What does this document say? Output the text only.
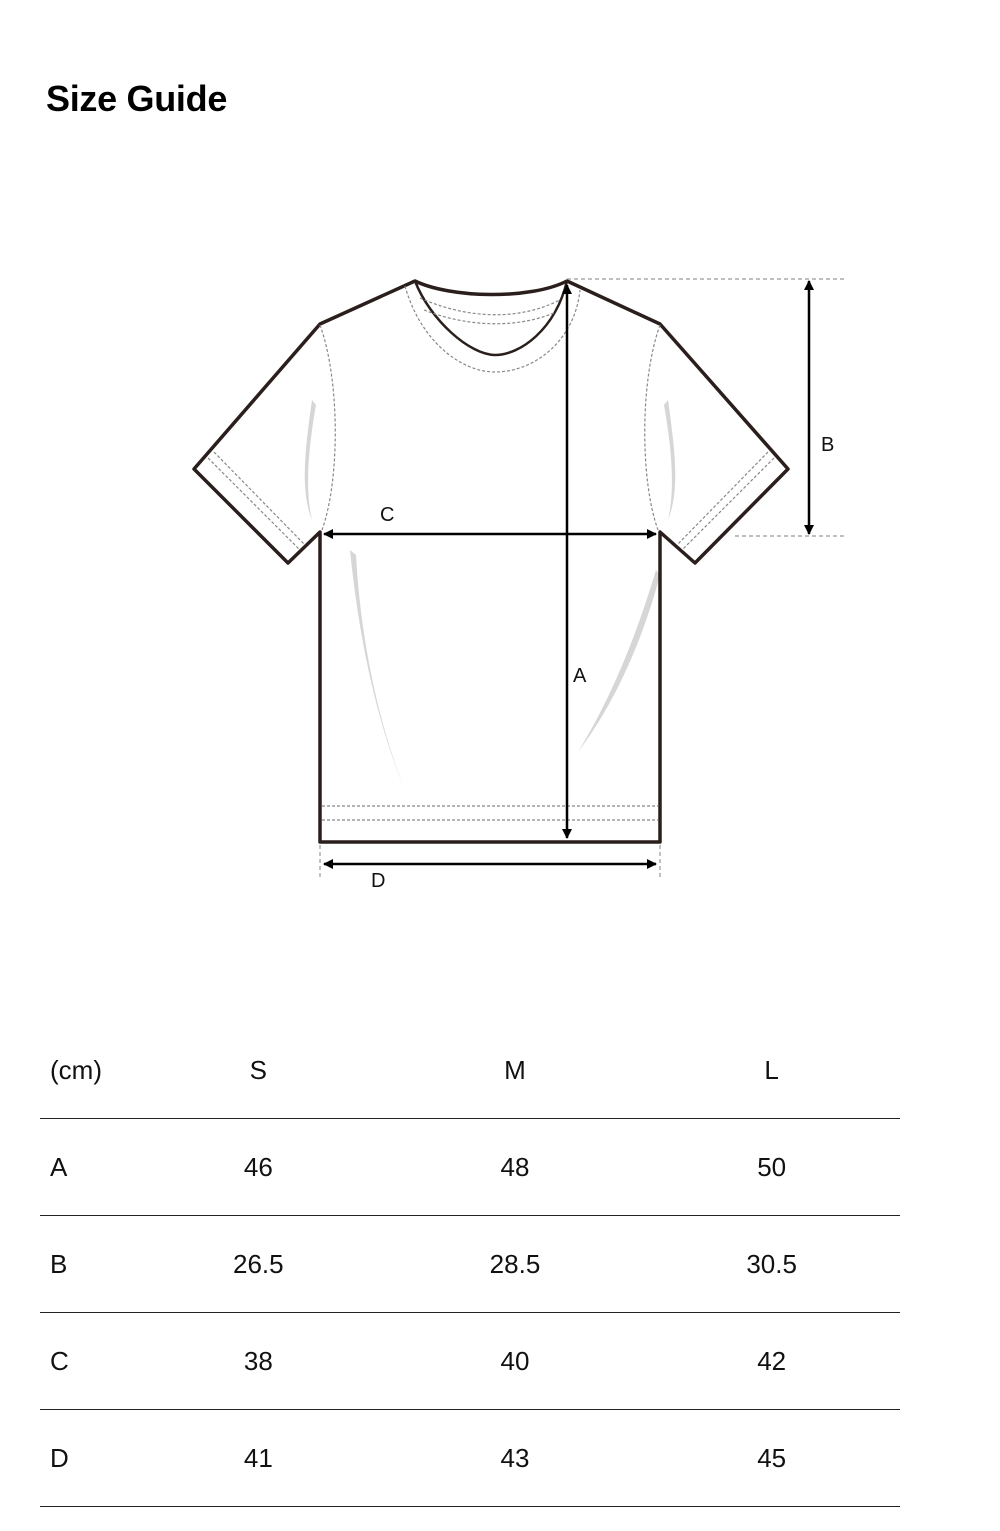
Size Guide
A
B
C
D
(cm)	S	M	L
A	46	48	50
B	26.5	28.5	30.5
C	38	40	42
D	41	43	45
